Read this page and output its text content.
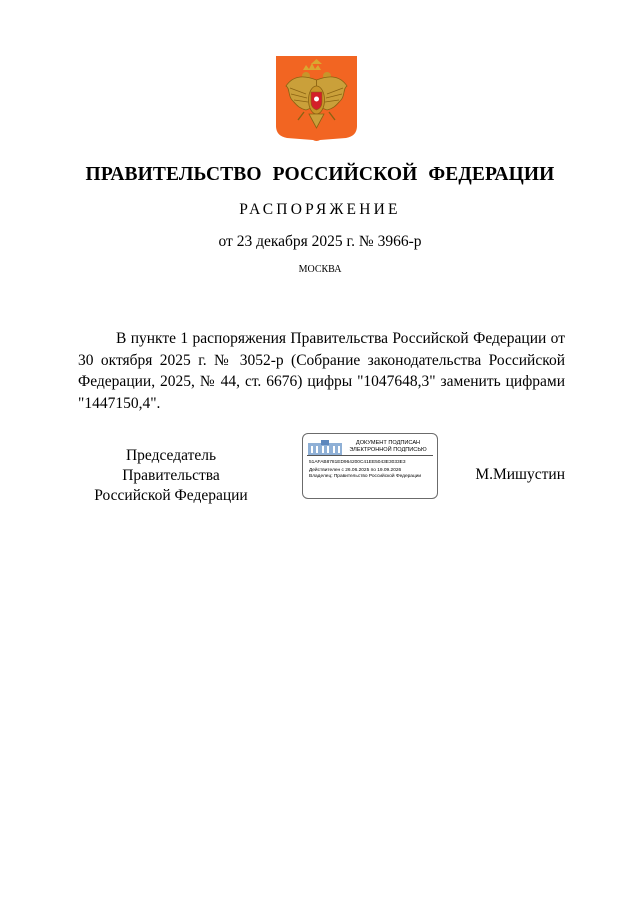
ПРАВИТЕЛЬСТВО РОССИЙСКОЙ ФЕДЕРАЦИИ
РАСПОРЯЖЕНИЕ
от 23 декабря 2025 г. № 3966-р
МОСКВА

В пункте 1 распоряжения Правительства Российской Федерации от 30 октября 2025 г. № 3052-р (Собрание законодательства Российской Федерации, 2025, № 44, ст. 6676) цифры "1047648,3" заменить цифрами "1447150,4".

Председатель Правительства
Российской Федерации
ДОКУМЕНТ ПОДПИСАН
ЭЛЕКТРОННОЙ ПОДПИСЬЮ
51AFAB8781ED964200C41EE5043E3033E3
Действителен с 26.06.2025 по 19.09.2026
Владелец: Правительство Российской Федерации	М.Мишустин
